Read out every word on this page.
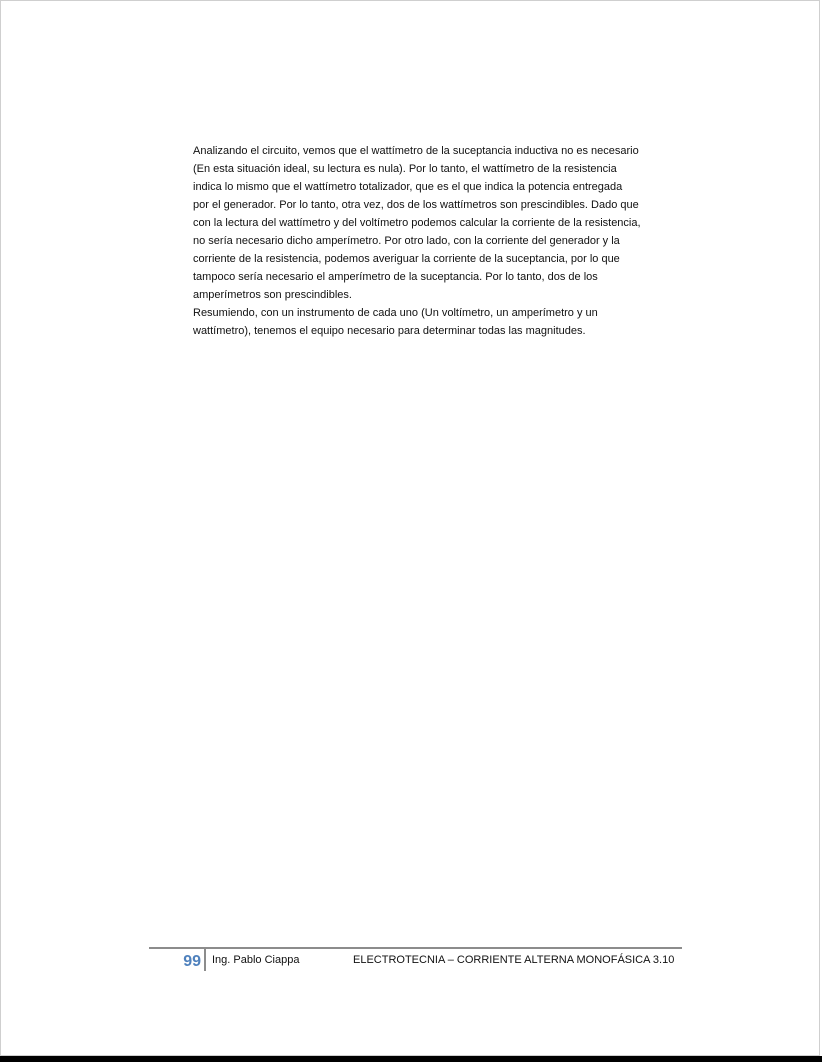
Analizando el circuito, vemos que el wattímetro de la suceptancia inductiva no es necesario

(En esta situación ideal, su lectura es nula). Por lo tanto, el wattímetro de la resistencia

indica lo mismo que el wattímetro totalizador, que es el que indica la potencia entregada

por el generador. Por lo tanto, otra vez, dos de los wattímetros son prescindibles. Dado que

con la lectura del wattímetro y del voltímetro podemos calcular la corriente de la resistencia,

no sería necesario dicho amperímetro. Por otro lado, con la corriente del generador y la

corriente de la resistencia, podemos averiguar la corriente de la suceptancia, por lo que

tampoco sería necesario el amperímetro de la suceptancia. Por lo tanto, dos de los

amperímetros son prescindibles.

Resumiendo, con un instrumento de cada uno (Un voltímetro, un amperímetro y un

wattímetro), tenemos el equipo necesario para determinar todas las magnitudes.

99 Ing. Pablo Ciappa	ELECTROTECNIA – CORRIENTE ALTERNA MONOFÁSICA 3.10
